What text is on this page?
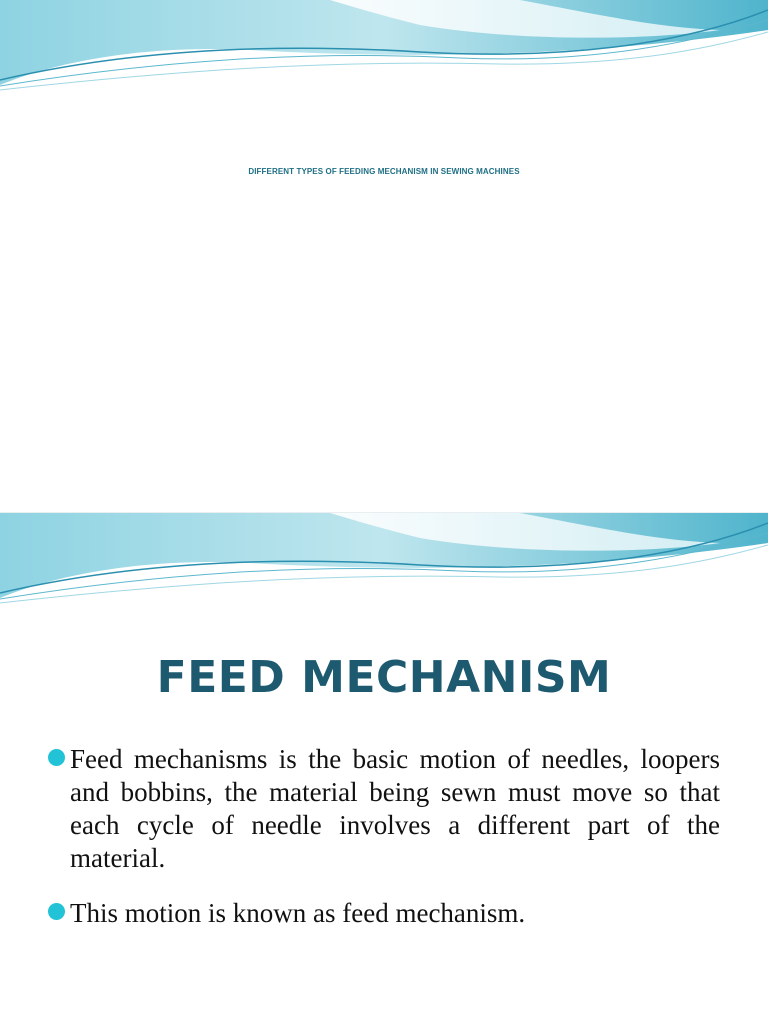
DIFFERENT TYPES OF FEEDING MECHANISM IN SEWING MACHINES
FEED MECHANISM
Feed mechanisms is the basic motion of needles, loopers and bobbins, the material being sewn must move so that each cycle of needle involves a different part of the material.
This motion is known as feed mechanism.
